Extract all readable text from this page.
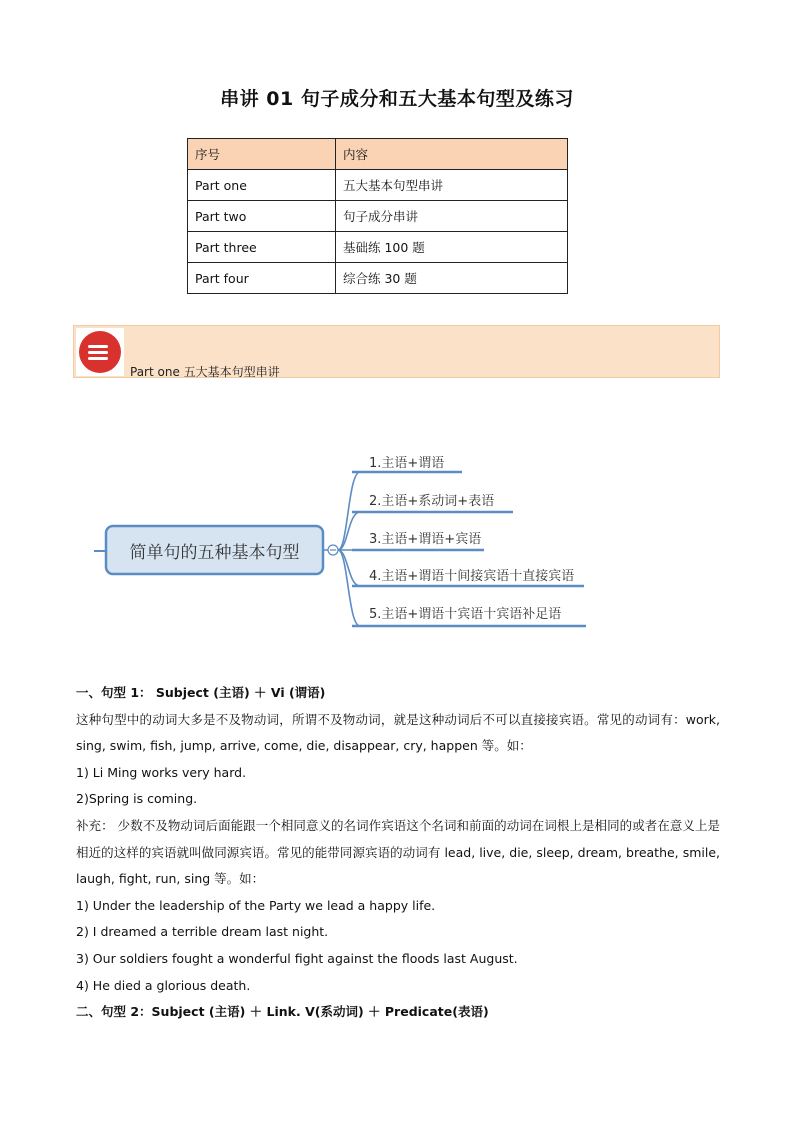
串讲 01 句子成分和五大基本句型及练习
序号	内容
Part one	五大基本句型串讲
Part two	句子成分串讲
Part three	基础练 100 题
Part four	综合练 30 题
Part one 五大基本句型串讲
简单句的五种基本句型
1.主语+谓语
2.主语+系动词+表语
3.主语+谓语+宾语
4.主语+谓语十间接宾语十直接宾语
5.主语+谓语十宾语十宾语补足语

一、句型 1： Subject (主语) ＋ Vi (谓语)

这种句型中的动词大多是不及物动词，所谓不及物动词，就是这种动词后不可以直接接宾语。常见的动词有：work, sing, swim, fish, jump, arrive, come, die, disappear, cry, happen 等。如：

1) Li Ming works very hard.

2)Spring is coming.

补充： 少数不及物动词后面能跟一个相同意义的名词作宾语这个名词和前面的动词在词根上是相同的或者在意义上是相近的这样的宾语就叫做同源宾语。常见的能带同源宾语的动词有 lead, live, die, sleep, dream, breathe, smile, laugh, fight, run, sing 等。如：

1) Under the leadership of the Party we lead a happy life.

2) I dreamed a terrible dream last night.

3) Our soldiers fought a wonderful fight against the floods last August.

4) He died a glorious death.

二、句型 2：Subject (主语) ＋ Link. V(系动词) ＋ Predicate(表语)
